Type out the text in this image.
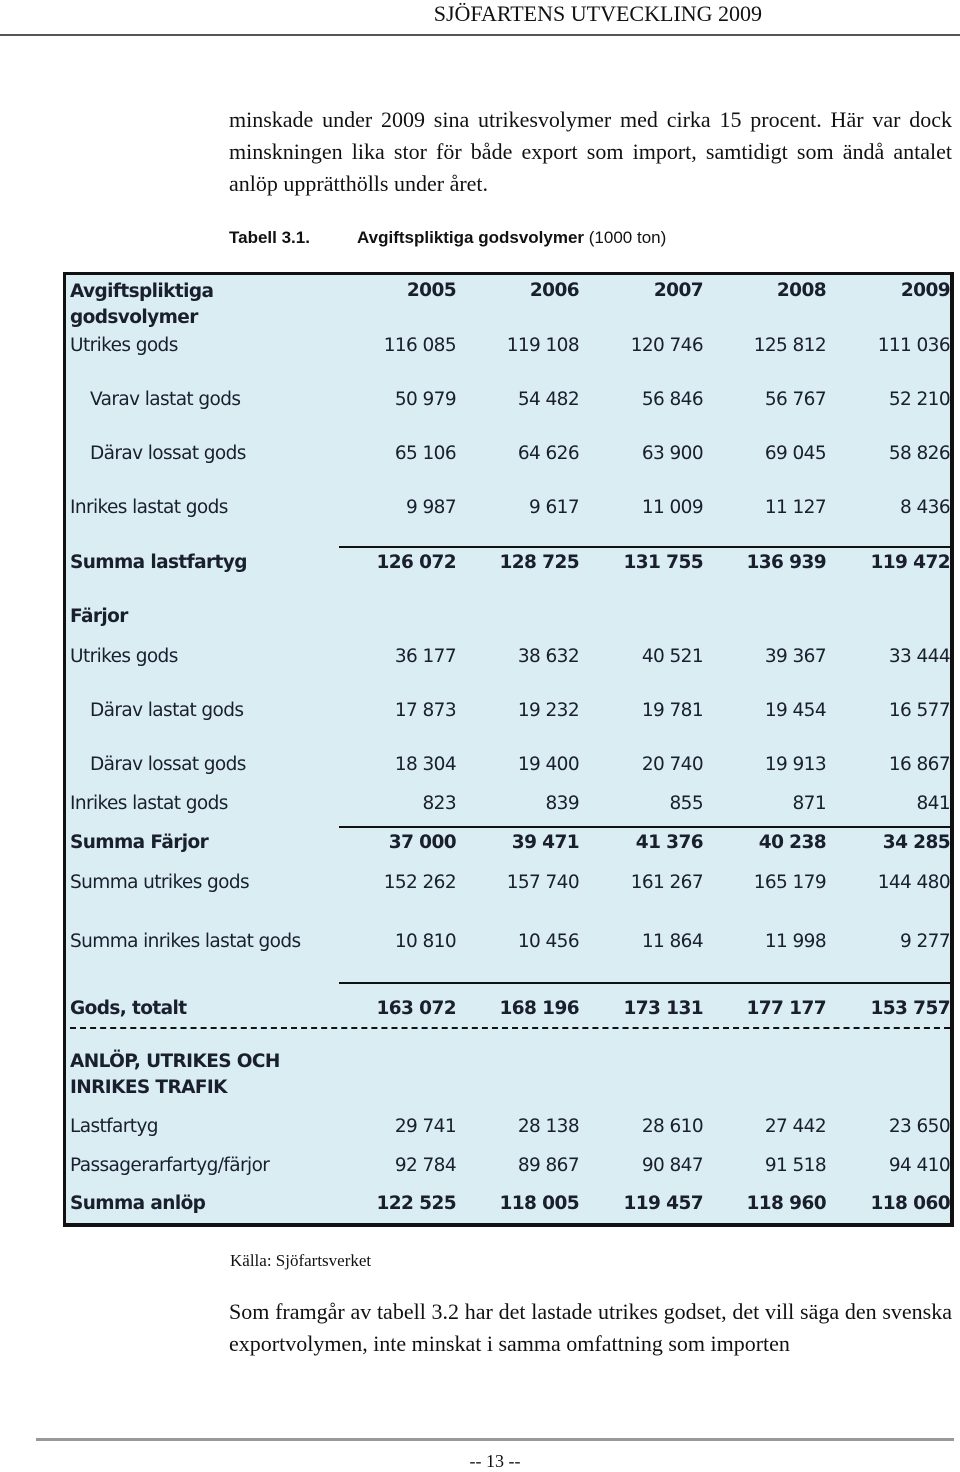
SJÖFARTENS UTVECKLING 2009
minskade under 2009 sina utrikesvolymer med cirka 15 procent. Här var dock minskningen lika stor för både export som import, samtidigt som ändå antalet anlöp upprätthölls under året.
Tabell 3.1.	Avgiftspliktiga godsvolymer (1000 ton)
Avgiftspliktiga
godsvolymer
2005	2006	2007	2008	2009
Utrikes gods	116 085	119 108	120 746	125 812	111 036
Varav lastat gods	50 979	54 482	56 846	56 767	52 210
Därav lossat gods	65 106	64 626	63 900	69 045	58 826
Inrikes lastat gods	9 987	9 617	11 009	11 127	8 436
Summa lastfartyg	126 072	128 725	131 755	136 939	119 472
Färjor
Utrikes gods	36 177	38 632	40 521	39 367	33 444
Därav lastat gods	17 873	19 232	19 781	19 454	16 577
Därav lossat gods	18 304	19 400	20 740	19 913	16 867
Inrikes lastat gods	823	839	855	871	841
Summa Färjor	37 000	39 471	41 376	40 238	34 285
Summa utrikes gods	152 262	157 740	161 267	165 179	144 480
Summa inrikes lastat gods	10 810	10 456	11 864	11 998	9 277
Gods, totalt	163 072	168 196	173 131	177 177	153 757
ANLÖP, UTRIKES OCH
INRIKES TRAFIK
Lastfartyg	29 741	28 138	28 610	27 442	23 650
Passagerarfartyg/färjor	92 784	89 867	90 847	91 518	94 410
Summa anlöp	122 525	118 005	119 457	118 960	118 060
Källa: Sjöfartsverket
Som framgår av tabell 3.2 har det lastade utrikes godset, det vill säga den svenska exportvolymen, inte minskat i samma omfattning som importen
-- 13 --
